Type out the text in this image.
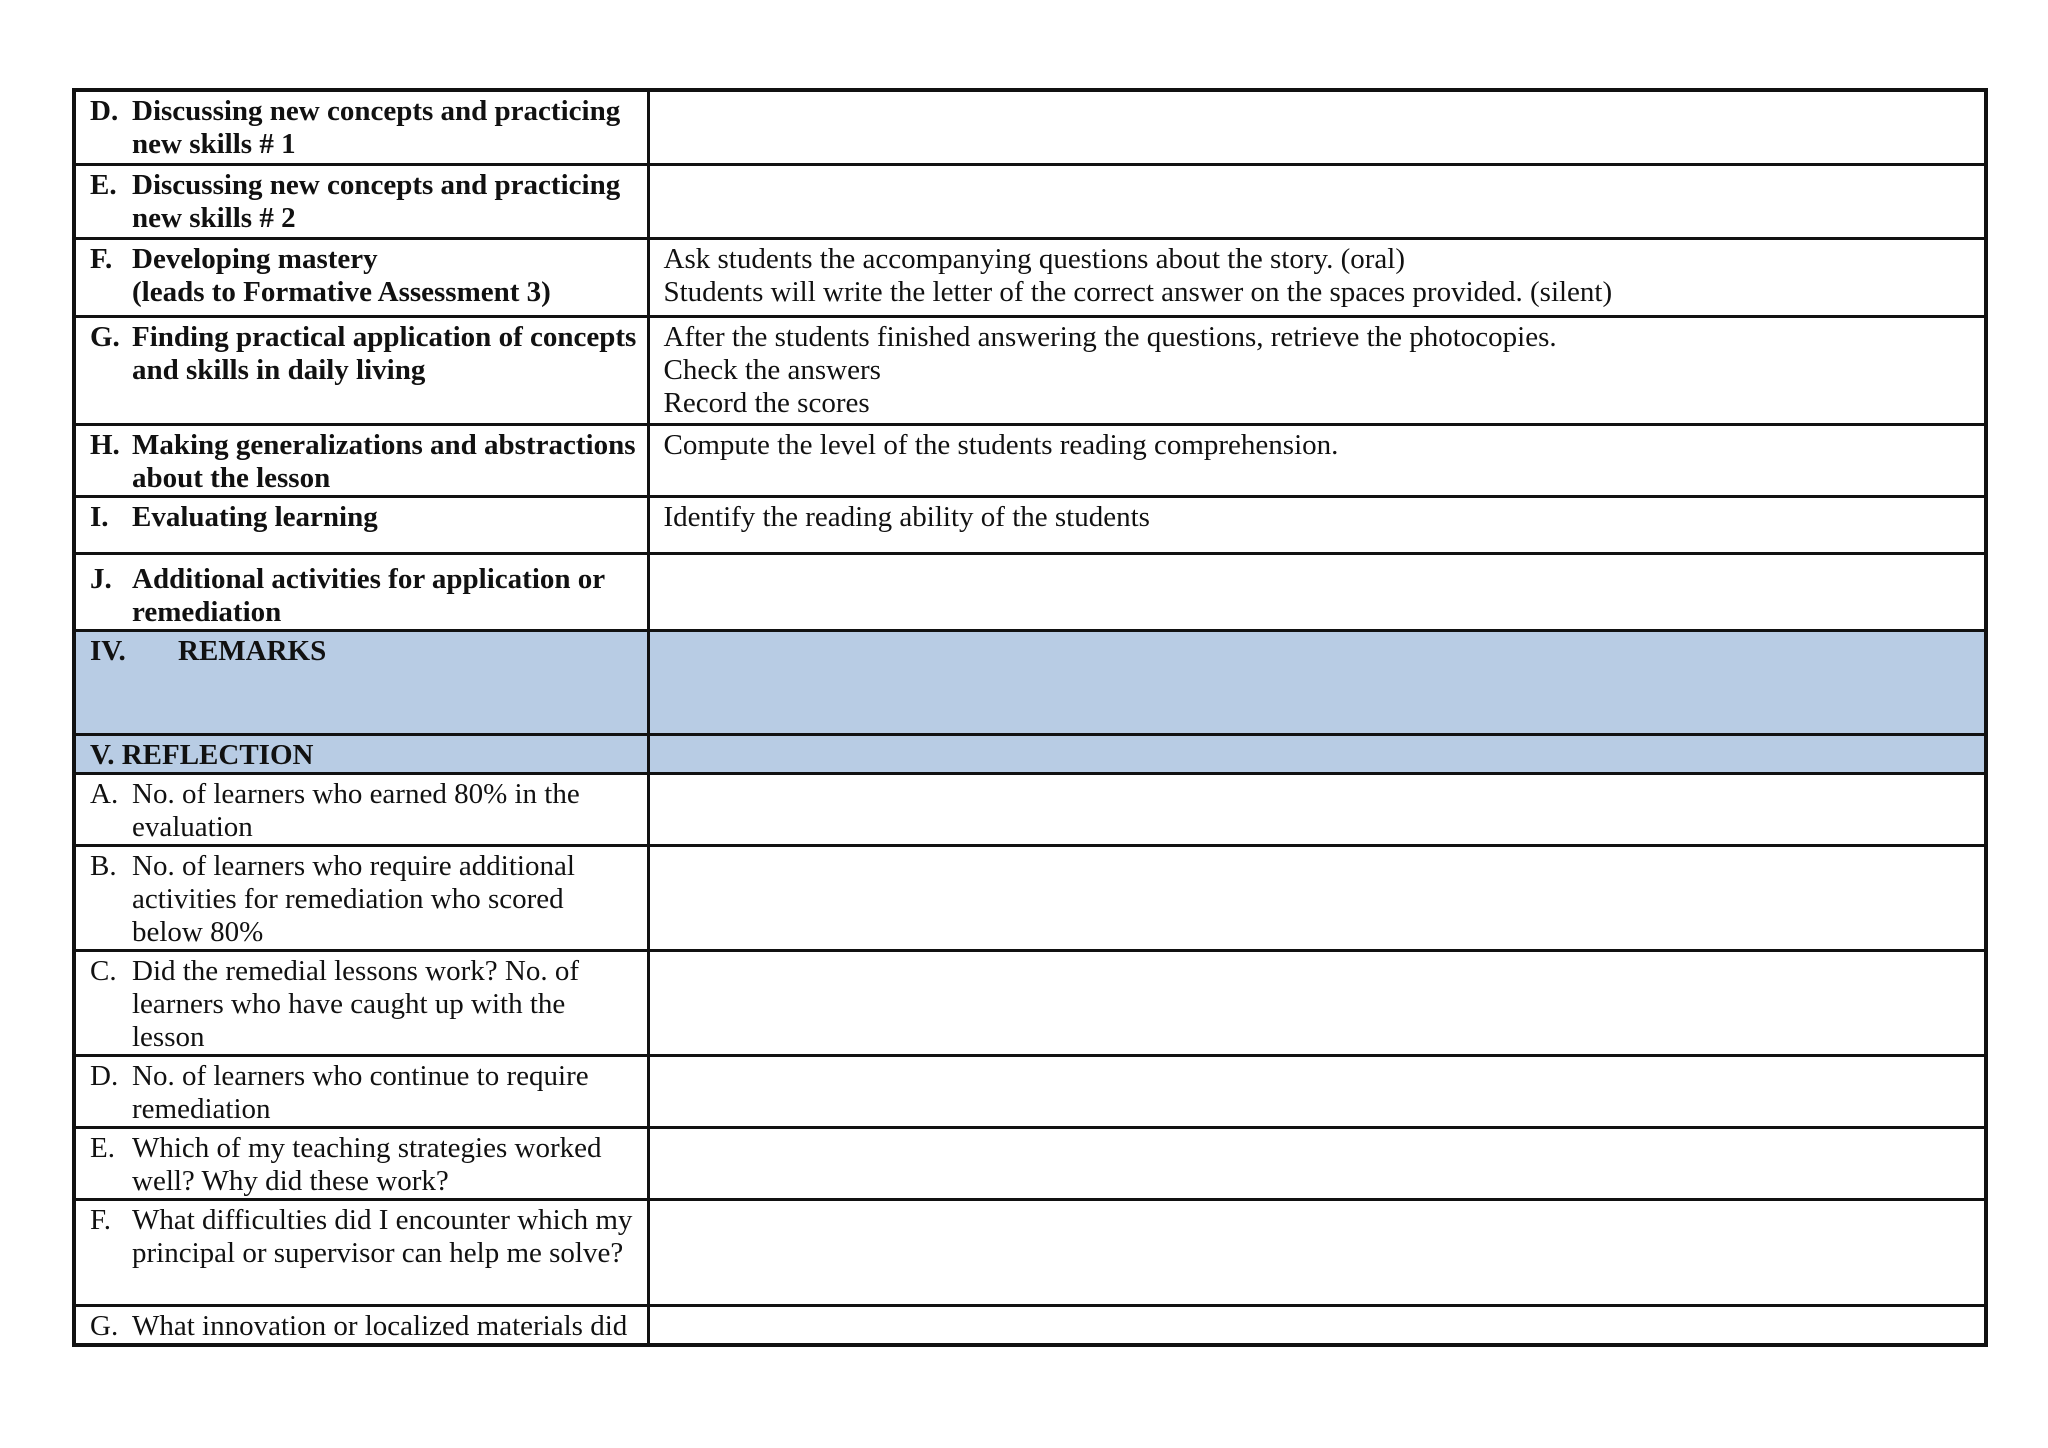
D. Discussing new concepts and practicing new skills # 1	

E. Discussing new concepts and practicing new skills # 2	

F. Developing mastery
(leads to Formative Assessment 3)	Ask students the accompanying questions about the story. (oral)
Students will write the letter of the correct answer on the spaces provided. (silent)

G. Finding practical application of concepts and skills in daily living	After the students finished answering the questions, retrieve the photocopies.
Check the answers
Record the scores

H. Making generalizations and abstractions about the lesson	Compute the level of the students reading comprehension.

I. Evaluating learning	Identify the reading ability of the students

J. Additional activities for application or remediation	

IV. REMARKS	
V. REFLECTION	

A. No. of learners who earned 80% in the evaluation	

B. No. of learners who require additional activities for remediation who scored below 80%	

C. Did the remedial lessons work? No. of learners who have caught up with the lesson	

D. No. of learners who continue to require remediation	

E. Which of my teaching strategies worked well? Why did these work?	

F. What difficulties did I encounter which my principal or supervisor can help me solve?	

G. What innovation or localized materials did	
